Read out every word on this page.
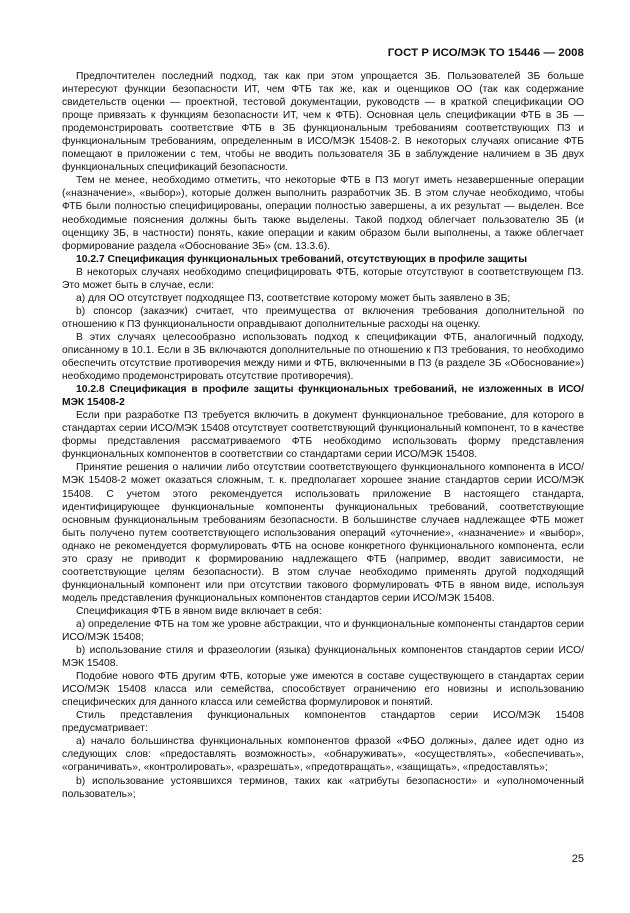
ГОСТ Р ИСО/МЭК ТО 15446 — 2008

Предпочтителен последний подход, так как при этом упрощается ЗБ. Пользователей ЗБ больше интересуют функции безопасности ИТ, чем ФТБ так же, как и оценщиков ОО (так как содержание свидетельств оценки — проектной, тестовой документации, руководств — в краткой спецификации ОО проще привязать к функциям безопасности ИТ, чем к ФТБ). Основная цель спецификации ФТБ в ЗБ — продемонстрировать соответствие ФТБ в ЗБ функциональным требованиям соответствующих ПЗ и функциональным требованиям, определенным в ИСО/МЭК 15408-2. В некоторых случаях описание ФТБ помещают в приложении с тем, чтобы не вводить пользователя ЗБ в заблуждение наличием в ЗБ двух функциональных спецификаций безопасности.

Тем не менее, необходимо отметить, что некоторые ФТБ в ПЗ могут иметь незавершенные операции («назначение», «выбор»), которые должен выполнить разработчик ЗБ. В этом случае необходимо, чтобы ФТБ были полностью специфицированы, операции полностью завершены, а их результат — выделен. Все необходимые пояснения должны быть также выделены. Такой подход облегчает пользователю ЗБ (и оценщику ЗБ, в частности) понять, какие операции и каким образом были выполнены, а также облегчает формирование раздела «Обоснование ЗБ» (см. 13.3.6).

10.2.7 Спецификация функциональных требований, отсутствующих в профиле защиты

В некоторых случаях необходимо специфицировать ФТБ, которые отсутствуют в соответствующем ПЗ. Это может быть в случае, если:

а) для ОО отсутствует подходящее ПЗ, соответствие которому может быть заявлено в ЗБ;

b) спонсор (заказчик) считает, что преимущества от включения требования дополнительной по отношению к ПЗ функциональности оправдывают дополнительные расходы на оценку.

В этих случаях целесообразно использовать подход к спецификации ФТБ, аналогичный подходу, описанному в 10.1. Если в ЗБ включаются дополнительные по отношению к ПЗ требования, то необходимо обеспечить отсутствие противоречия между ними и ФТБ, включенными в ПЗ (в разделе ЗБ «Обоснование») необходимо продемонстрировать отсутствие противоречия).

10.2.8 Спецификация в профиле защиты функциональных требований, не изложенных в ИСО/МЭК 15408-2

Если при разработке ПЗ требуется включить в документ функциональное требование, для которого в стандартах серии ИСО/МЭК 15408 отсутствует соответствующий функциональный компонент, то в качестве формы представления рассматриваемого ФТБ необходимо использовать форму представления функциональных компонентов в соответствии со стандартами серии ИСО/МЭК 15408.

Принятие решения о наличии либо отсутствии соответствующего функционального компонента в ИСО/МЭК 15408-2 может оказаться сложным, т. к. предполагает хорошее знание стандартов серии ИСО/МЭК 15408. С учетом этого рекомендуется использовать приложение В настоящего стандарта, идентифицирующее функциональные компоненты функциональных требований, соответствующие основным функциональным требованиям безопасности. В большинстве случаев надлежащее ФТБ может быть получено путем соответствующего использования операций «уточнение», «назначение» и «выбор», однако не рекомендуется формулировать ФТБ на основе конкретного функционального компонента, если это сразу не приводит к формированию надлежащего ФТБ (например, вводит зависимости, не соответствующие целям безопасности). В этом случае необходимо применять другой подходящий функциональный компонент или при отсутствии такового формулировать ФТБ в явном виде, используя модель представления функциональных компонентов стандартов серии ИСО/МЭК 15408.

Спецификация ФТБ в явном виде включает в себя:

а) определение ФТБ на том же уровне абстракции, что и функциональные компоненты стандартов серии ИСО/МЭК 15408;

b) использование стиля и фразеологии (языка) функциональных компонентов стандартов серии ИСО/МЭК 15408.

Подобие нового ФТБ другим ФТБ, которые уже имеются в составе существующего в стандартах серии ИСО/МЭК 15408 класса или семейства, способствует ограничению его новизны и использованию специфических для данного класса или семейства формулировок и понятий.

Стиль представления функциональных компонентов стандартов серии ИСО/МЭК 15408 предусматривает:

а) начало большинства функциональных компонентов фразой «ФБО должны», далее идет одно из следующих слов: «предоставлять возможность», «обнаруживать», «осуществлять», «обеспечивать», «ограничивать», «контролировать», «разрешать», «предотвращать», «защищать», «предоставлять»;

b) использование устоявшихся терминов, таких как «атрибуты безопасности» и «уполномоченный пользователь»;

25
